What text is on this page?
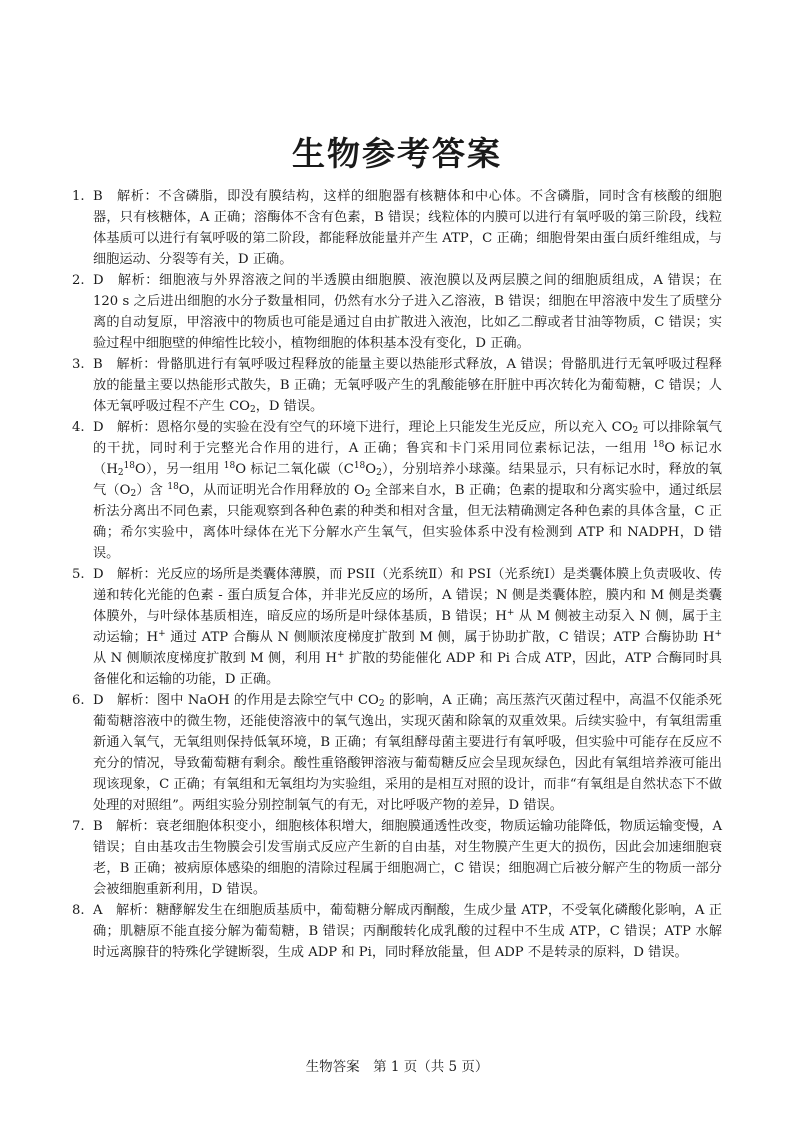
生物参考答案
1. B　解析：不含磷脂，即没有膜结构，这样的细胞器有核糖体和中心体。不含磷脂，同时含有核酸的细胞器，只有核糖体，A 正确；溶酶体不含有色素，B 错误；线粒体的内膜可以进行有氧呼吸的第三阶段，线粒体基质可以进行有氧呼吸的第二阶段，都能释放能量并产生 ATP，C 正确；细胞骨架由蛋白质纤维组成，与细胞运动、分裂等有关，D 正确。
2. D　解析：细胞液与外界溶液之间的半透膜由细胞膜、液泡膜以及两层膜之间的细胞质组成，A 错误；在 120 s 之后进出细胞的水分子数量相同，仍然有水分子进入乙溶液，B 错误；细胞在甲溶液中发生了质壁分离的自动复原，甲溶液中的物质也可能是通过自由扩散进入液泡，比如乙二醇或者甘油等物质，C 错误；实验过程中细胞壁的伸缩性比较小，植物细胞的体积基本没有变化，D 正确。
3. B　解析：骨骼肌进行有氧呼吸过程释放的能量主要以热能形式释放，A 错误；骨骼肌进行无氧呼吸过程释放的能量主要以热能形式散失，B 正确；无氧呼吸产生的乳酸能够在肝脏中再次转化为葡萄糖，C 错误；人体无氧呼吸过程不产生 $CO_2$，D 错误。
4. D　解析：恩格尔曼的实验在没有空气的环境下进行，理论上只能发生光反应，所以充入 $CO_2$ 可以排除氧气的干扰，同时利于完整光合作用的进行，A 正确；鲁宾和卡门采用同位素标记法，一组用 $^{18}$O 标记水$(H_2^{18}O)$，另一组用 $^{18}$O 标记二氧化碳$(C^{18}O_2)$，分别培养小球藻。结果显示，只有标记水时，释放的氧气$(O_2)$含 $^{18}$O，从而证明光合作用释放的 $O_2$ 全部来自水，B 正确；色素的提取和分离实验中，通过纸层析法分离出不同色素，只能观察到各种色素的种类和相对含量，但无法精确测定各种色素的具体含量，C 正确；希尔实验中，离体叶绿体在光下分解水产生氧气，但实验体系中没有检测到 ATP 和 NADPH，D 错误。
5. D　解析：光反应的场所是类囊体薄膜，而 PSII（光系统Ⅱ）和 PSI（光系统Ⅰ）是类囊体膜上负责吸收、传递和转化光能的色素 - 蛋白质复合体，并非光反应的场所，A 错误；N 侧是类囊体腔，膜内和 M 侧是类囊体膜外，与叶绿体基质相连，暗反应的场所是叶绿体基质，B 错误；H+ 从 M 侧被主动泵入 N 侧，属于主动运输；H+ 通过 ATP 合酶从 N 侧顺浓度梯度扩散到 M 侧，属于协助扩散，C 错误；ATP 合酶协助 H+ 从 N 侧顺浓度梯度扩散到 M 侧，利用 H+ 扩散的势能催化 ADP 和 Pi 合成 ATP，因此，ATP 合酶同时具备催化和运输的功能，D 正确。
6. D　解析：图中 NaOH 的作用是去除空气中 $CO_2$ 的影响，A 正确；高压蒸汽灭菌过程中，高温不仅能杀死葡萄糖溶液中的微生物，还能使溶液中的氧气逸出，实现灭菌和除氧的双重效果。后续实验中，有氧组需重新通入氧气，无氧组则保持低氧环境，B 正确；有氧组酵母菌主要进行有氧呼吸，但实验中可能存在反应不充分的情况，导致葡萄糖有剩余。酸性重铬酸钾溶液与葡萄糖反应会呈现灰绿色，因此有氧组培养液可能出现该现象，C 正确；有氧组和无氧组均为实验组，采用的是相互对照的设计，而非“有氧组是自然状态下不做处理的对照组”。两组实验分别控制氧气的有无，对比呼吸产物的差异，D 错误。
7. B　解析：衰老细胞体积变小，细胞核体积增大，细胞膜通透性改变，物质运输功能降低，物质运输变慢，A 错误；自由基攻击生物膜会引发雪崩式反应产生新的自由基，对生物膜产生更大的损伤，因此会加速细胞衰老，B 正确；被病原体感染的细胞的清除过程属于细胞凋亡，C 错误；细胞凋亡后被分解产生的物质一部分会被细胞重新利用，D 错误。
8. A　解析：糖酵解发生在细胞质基质中，葡萄糖分解成丙酮酸，生成少量 ATP，不受氧化磷酸化影响，A 正确；肌糖原不能直接分解为葡萄糖，B 错误；丙酮酸转化成乳酸的过程中不生成 ATP，C 错误；ATP 水解时远离腺苷的特殊化学键断裂，生成 ADP 和 Pi，同时释放能量，但 ADP 不是转录的原料，D 错误。
生物答案　第 1 页（共 5 页）
